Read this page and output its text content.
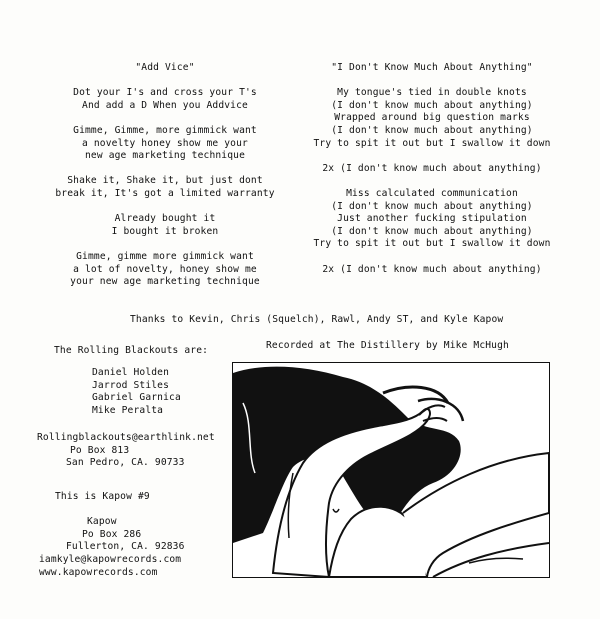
"Add Vice"
Dot your I's and cross your T's
And add a D When you Addvice
Gimme, Gimme, more gimmick want
a novelty honey show me your
new age marketing technique
Shake it, Shake it, but just dont
break it, It's got a limited warranty
Already bought it
I bought it broken
Gimme, gimme more gimmick want
a lot of novelty, honey show me
your new age marketing technique
"I Don't Know Much About Anything"
My tongue's tied in double knots
(I don't know much about anything)
Wrapped around big question marks
(I don't know much about anything)
Try to spit it out but I swallow it down
2x (I don't know much about anything)
Miss calculated communication
(I don't know much about anything)
Just another fucking stipulation
(I don't know much about anything)
Try to spit it out but I swallow it down
2x (I don't know much about anything)
Thanks to Kevin, Chris (Squelch), Rawl, Andy ST, and Kyle Kapow
Recorded at The Distillery by Mike McHugh
The Rolling Blackouts are:
Daniel Holden
Jarrod Stiles
Gabriel Garnica
Mike Peralta
Rollingblackouts@earthlink.net
Po Box 813
San Pedro, CA. 90733
This is Kapow #9
Kapow
Po Box 286
Fullerton, CA. 92836
iamkyle@kapowrecords.com
www.kapowrecords.com
